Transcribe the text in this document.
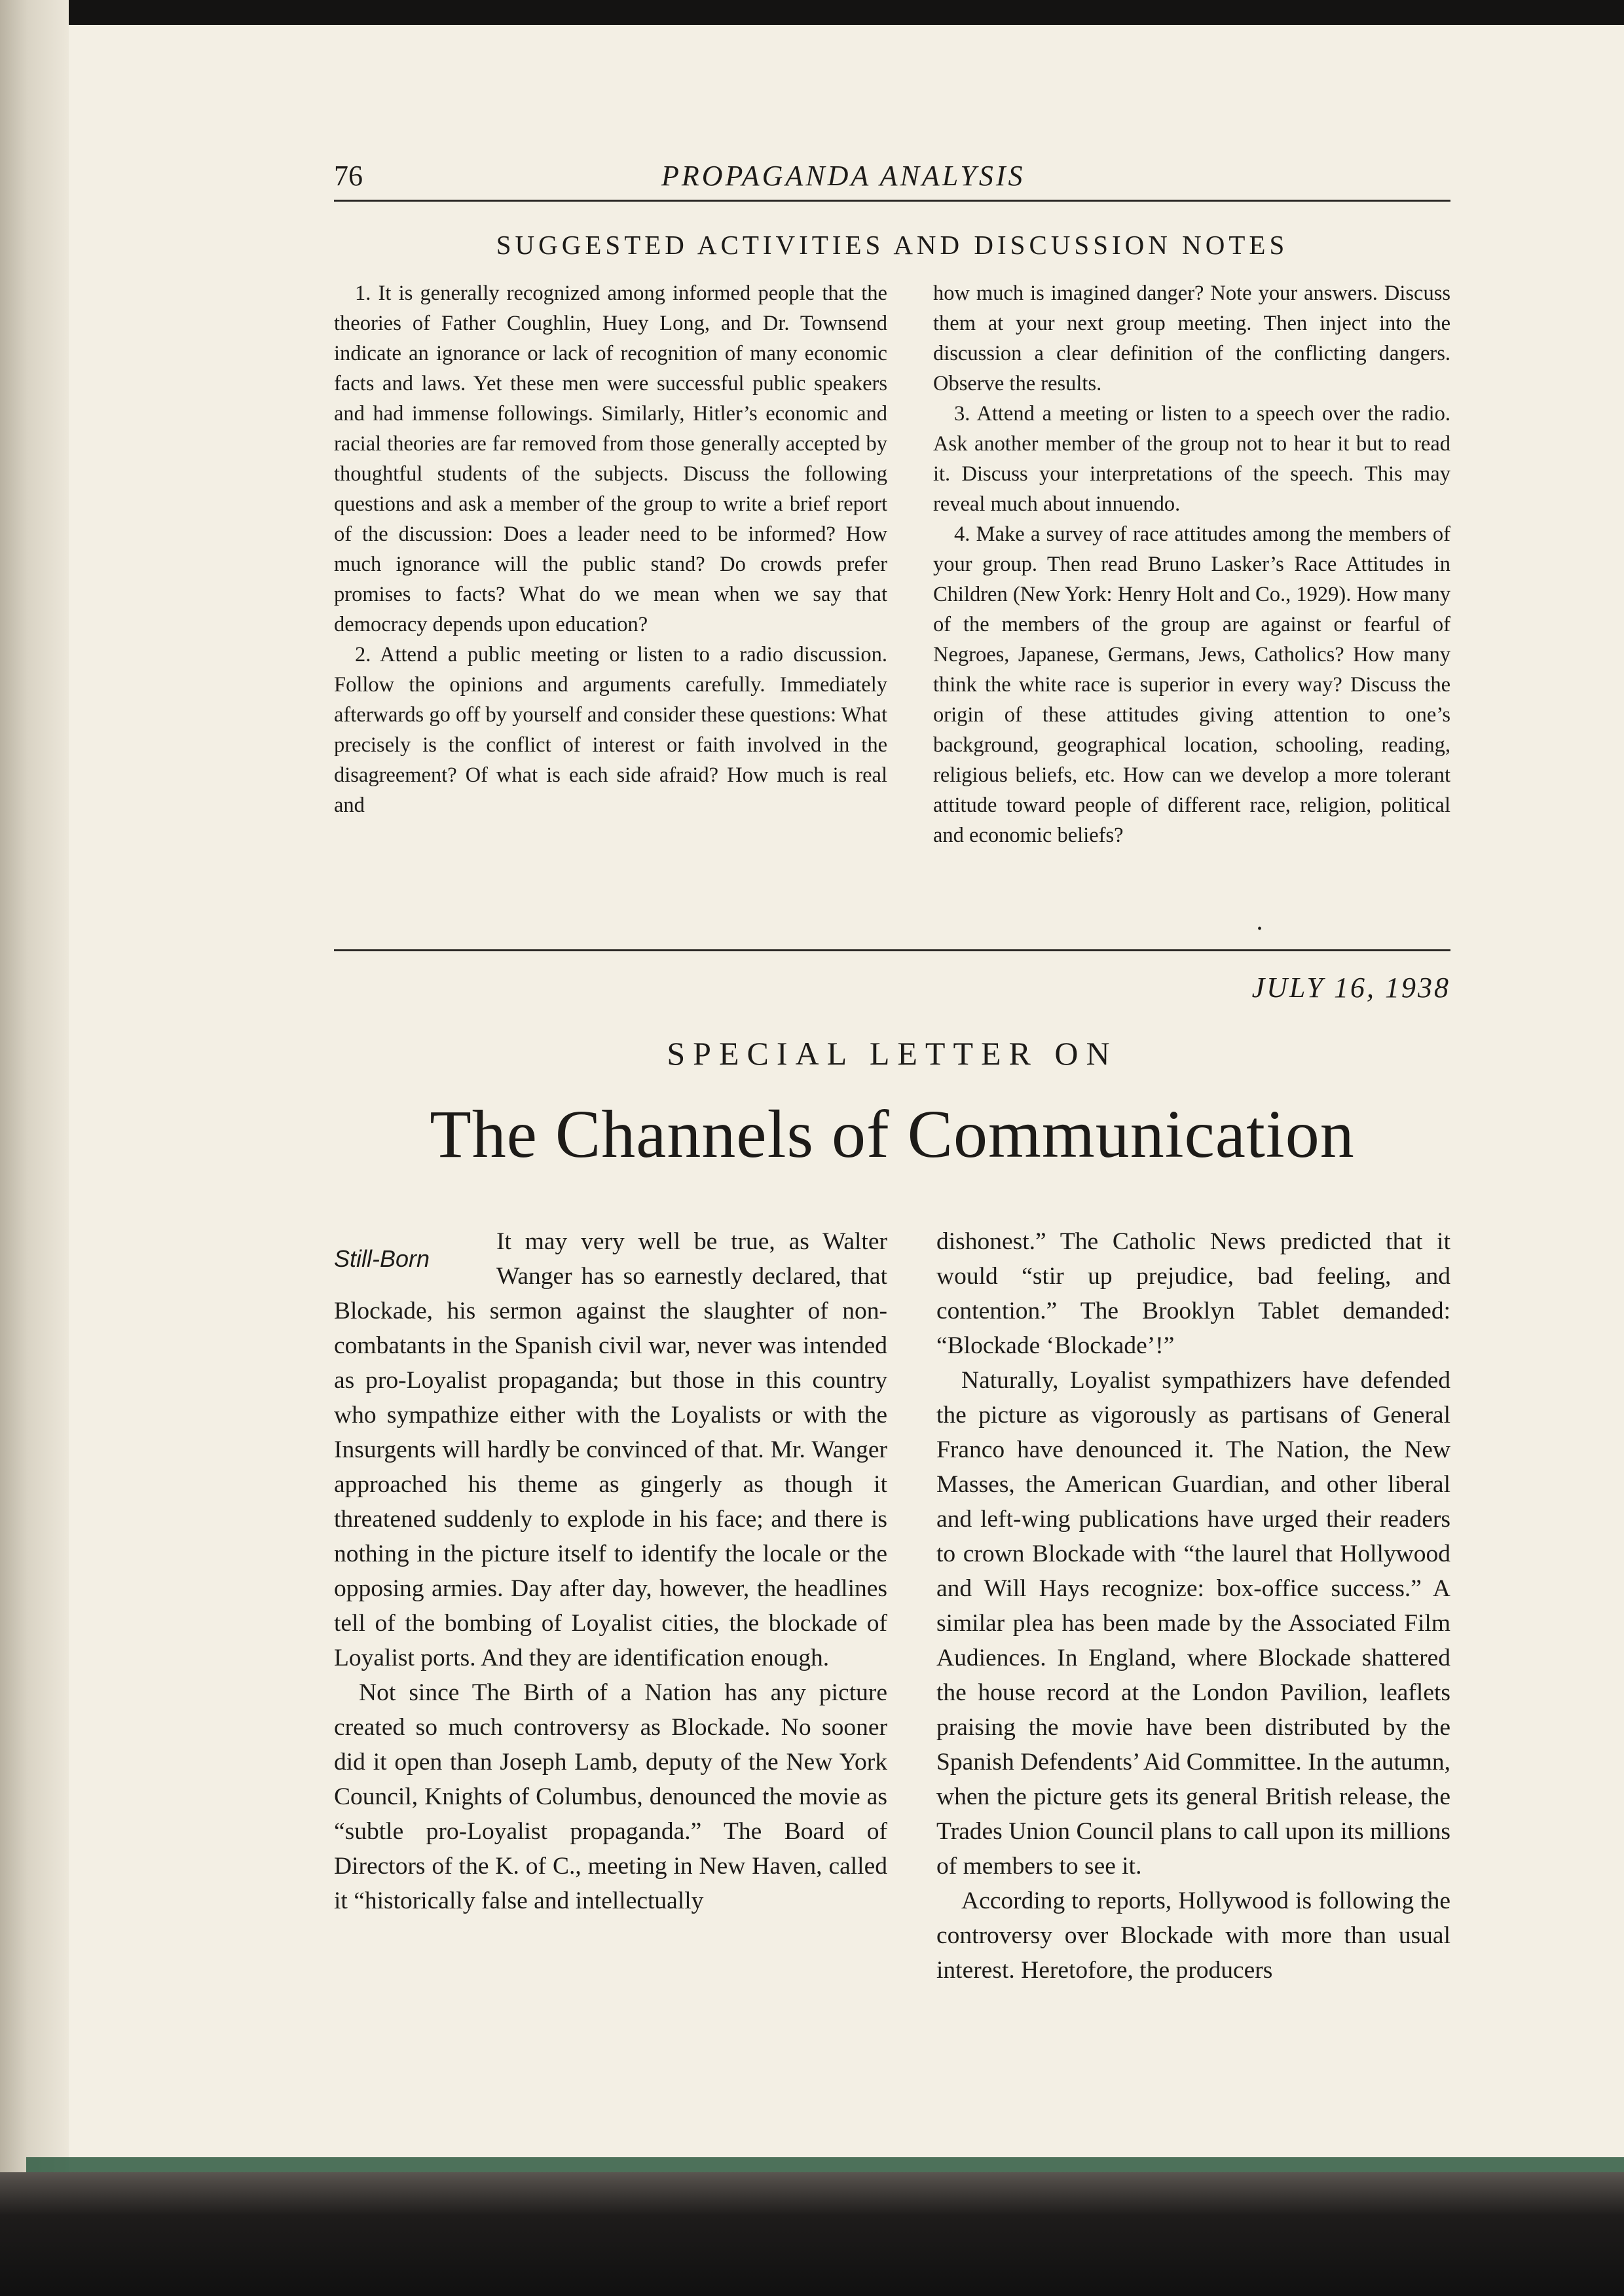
76	PROPAGANDA ANALYSIS
SUGGESTED ACTIVITIES AND DISCUSSION NOTES

1. It is generally recognized among informed people that the theories of Father Coughlin, Huey Long, and Dr. Townsend indicate an ignorance or lack of recognition of many economic facts and laws. Yet these men were successful public speakers and had immense followings. Similarly, Hitler’s economic and racial theories are far removed from those generally accepted by thoughtful students of the subjects. Discuss the following questions and ask a member of the group to write a brief report of the discussion: Does a leader need to be informed? How much ignorance will the public stand? Do crowds prefer promises to facts? What do we mean when we say that democracy depends upon education?

2. Attend a public meeting or listen to a radio discussion. Follow the opinions and arguments carefully. Immediately afterwards go off by yourself and consider these questions: What precisely is the conflict of interest or faith involved in the disagreement? Of what is each side afraid? How much is real and

how much is imagined danger? Note your answers. Discuss them at your next group meeting. Then inject into the discussion a clear definition of the conflicting dangers. Observe the results.

3. Attend a meeting or listen to a speech over the radio. Ask another member of the group not to hear it but to read it. Discuss your interpretations of the speech. This may reveal much about innuendo.

4. Make a survey of race attitudes among the members of your group. Then read Bruno Lasker’s Race Attitudes in Children (New York: Henry Holt and Co., 1929). How many of the members of the group are against or fearful of Negroes, Japanese, Germans, Jews, Catholics? How many think the white race is superior in every way? Discuss the origin of these attitudes giving attention to one’s background, geographical location, schooling, reading, religious beliefs, etc. How can we develop a more tolerant attitude toward people of different race, religion, political and economic beliefs?

•
JULY 16, 1938
SPECIAL LETTER ON
The Channels of Communication
Still-Born

It may very well be true, as Walter Wanger has so earnestly declared, that Blockade, his sermon against the slaughter of non-combatants in the Spanish civil war, never was intended as pro-Loyalist propaganda; but those in this country who sympathize either with the Loyalists or with the Insurgents will hardly be convinced of that. Mr. Wanger approached his theme as gingerly as though it threatened suddenly to explode in his face; and there is nothing in the picture itself to identify the locale or the opposing armies. Day after day, however, the headlines tell of the bombing of Loyalist cities, the blockade of Loyalist ports. And they are identification enough.

Not since The Birth of a Nation has any picture created so much controversy as Blockade. No sooner did it open than Joseph Lamb, deputy of the New York Council, Knights of Columbus, denounced the movie as “subtle pro-Loyalist propaganda.” The Board of Directors of the K. of C., meeting in New Haven, called it “historically false and intellectually

dishonest.” The Catholic News predicted that it would “stir up prejudice, bad feeling, and contention.” The Brooklyn Tablet demanded: “Blockade ‘Blockade’!”

Naturally, Loyalist sympathizers have defended the picture as vigorously as partisans of General Franco have denounced it. The Nation, the New Masses, the American Guardian, and other liberal and left-wing publications have urged their readers to crown Blockade with “the laurel that Hollywood and Will Hays recognize: box-office success.” A similar plea has been made by the Associated Film Audiences. In England, where Blockade shattered the house record at the London Pavilion, leaflets praising the movie have been distributed by the Spanish Defendents’ Aid Committee. In the autumn, when the picture gets its general British release, the Trades Union Council plans to call upon its millions of members to see it.

According to reports, Hollywood is following the controversy over Blockade with more than usual interest. Heretofore, the producers
